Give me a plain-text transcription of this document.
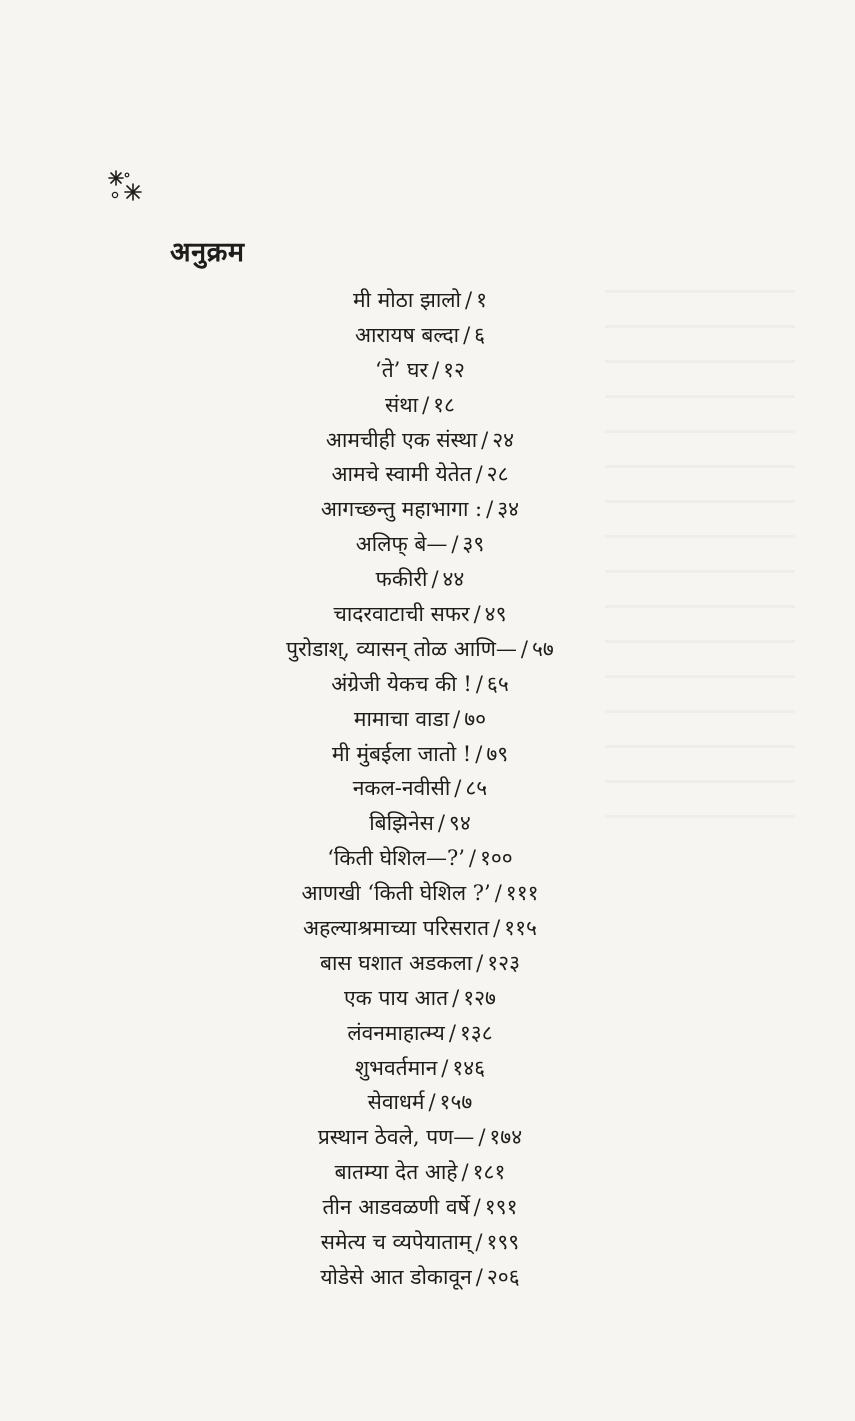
अनुक्रम
मी मोठा झालो / १
आरायष बल्दा / ६
‘ते’ घर / १२
संथा / १८
आमचीही एक संस्था / २४
आमचे स्वामी येतेत / २८
आगच्छन्तु महाभागा : / ३४
अलिफ् बे— / ३९
फकीरी / ४४
चादरवाटाची सफर / ४९
पुरोडाश्, व्यासन् तोळ आणि— / ५७
अंग्रेजी येकच की ! / ६५
मामाचा वाडा / ७०
मी मुंबईला जातो ! / ७९
नकल-नवीसी / ८५
बिझिनेस / ९४
‘किती घेशिल—?’ / १००
आणखी ‘किती घेशिल ?’ / १११
अहल्याश्रमाच्या परिसरात / ११५
बास घशात अडकला / १२३
एक पाय आत / १२७
लंवनमाहात्म्य / १३८
शुभवर्तमान / १४६
सेवाधर्म / १५७
प्रस्थान ठेवले, पण— / १७४
बातम्या देत आहे / १८१
तीन आडवळणी वर्षे / १९१
समेत्य च व्यपेयाताम् / १९९
योडेसे आत डोकावून / २०६
